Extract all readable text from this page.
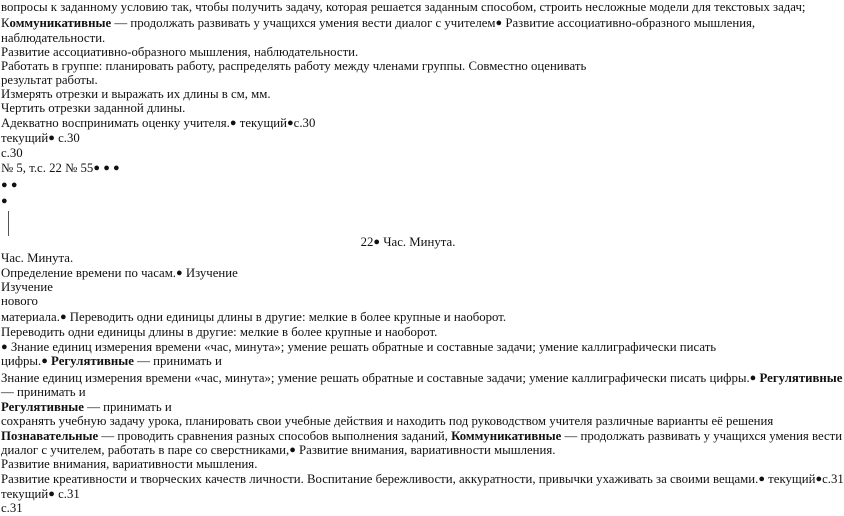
вопросы к заданному условию так, чтобы получить задачу, которая решается заданным способом, строить несложные модели для текстовых задач;
Коммуникативные — продолжать развивать у учащихся умения вести диалог с учителем● Развитие ассоциативно-образного мышления,
наблюдательности.
Развитие ассоциативно-образного мышления, наблюдательности.
Работать в группе: планировать работу, распределять работу между членами группы. Совместно оценивать
результат работы.
Измерять отрезки и выражать их длины в см, мм.
Чертить отрезки заданной длины.
Адекватно воспринимать оценку учителя.● текущий●с.30
текущий● с.30
с.30
№ 5, т.с. 22 № 55● ● ●
● ●
●
22● Час. Минута.
Час. Минута.
Определение времени по часам.● Изучение
Изучение
нового
материала.● Переводить одни единицы длины в другие: мелкие в более крупные и наоборот.
Переводить одни единицы длины в другие: мелкие в более крупные и наоборот.
● Знание единиц измерения времени «час, минута»; умение решать обратные и составные задачи; умение каллиграфически писать
цифры.● Регулятивные — принимать и
Знание единиц измерения времени «час, минута»; умение решать обратные и составные задачи; умение каллиграфически писать цифры.● Регулятивные
— принимать и
Регулятивные — принимать и
сохранять учебную задачу урока, планировать свои учебные действия и находить под руководством учителя различные варианты её решения
Познавательные — проводить сравнения разных способов выполнения заданий, Коммуникативные — продолжать развивать у учащихся умения вести
диалог с учителем, работать в паре со сверстниками,● Развитие внимания, вариативности мышления.
Развитие внимания, вариативности мышления.
Развитие креативности и творческих качеств личности. Воспитание бережливости, аккуратности, привычки ухаживать за своими вещами.● текущий●с.31
текущий● с.31
с.31
